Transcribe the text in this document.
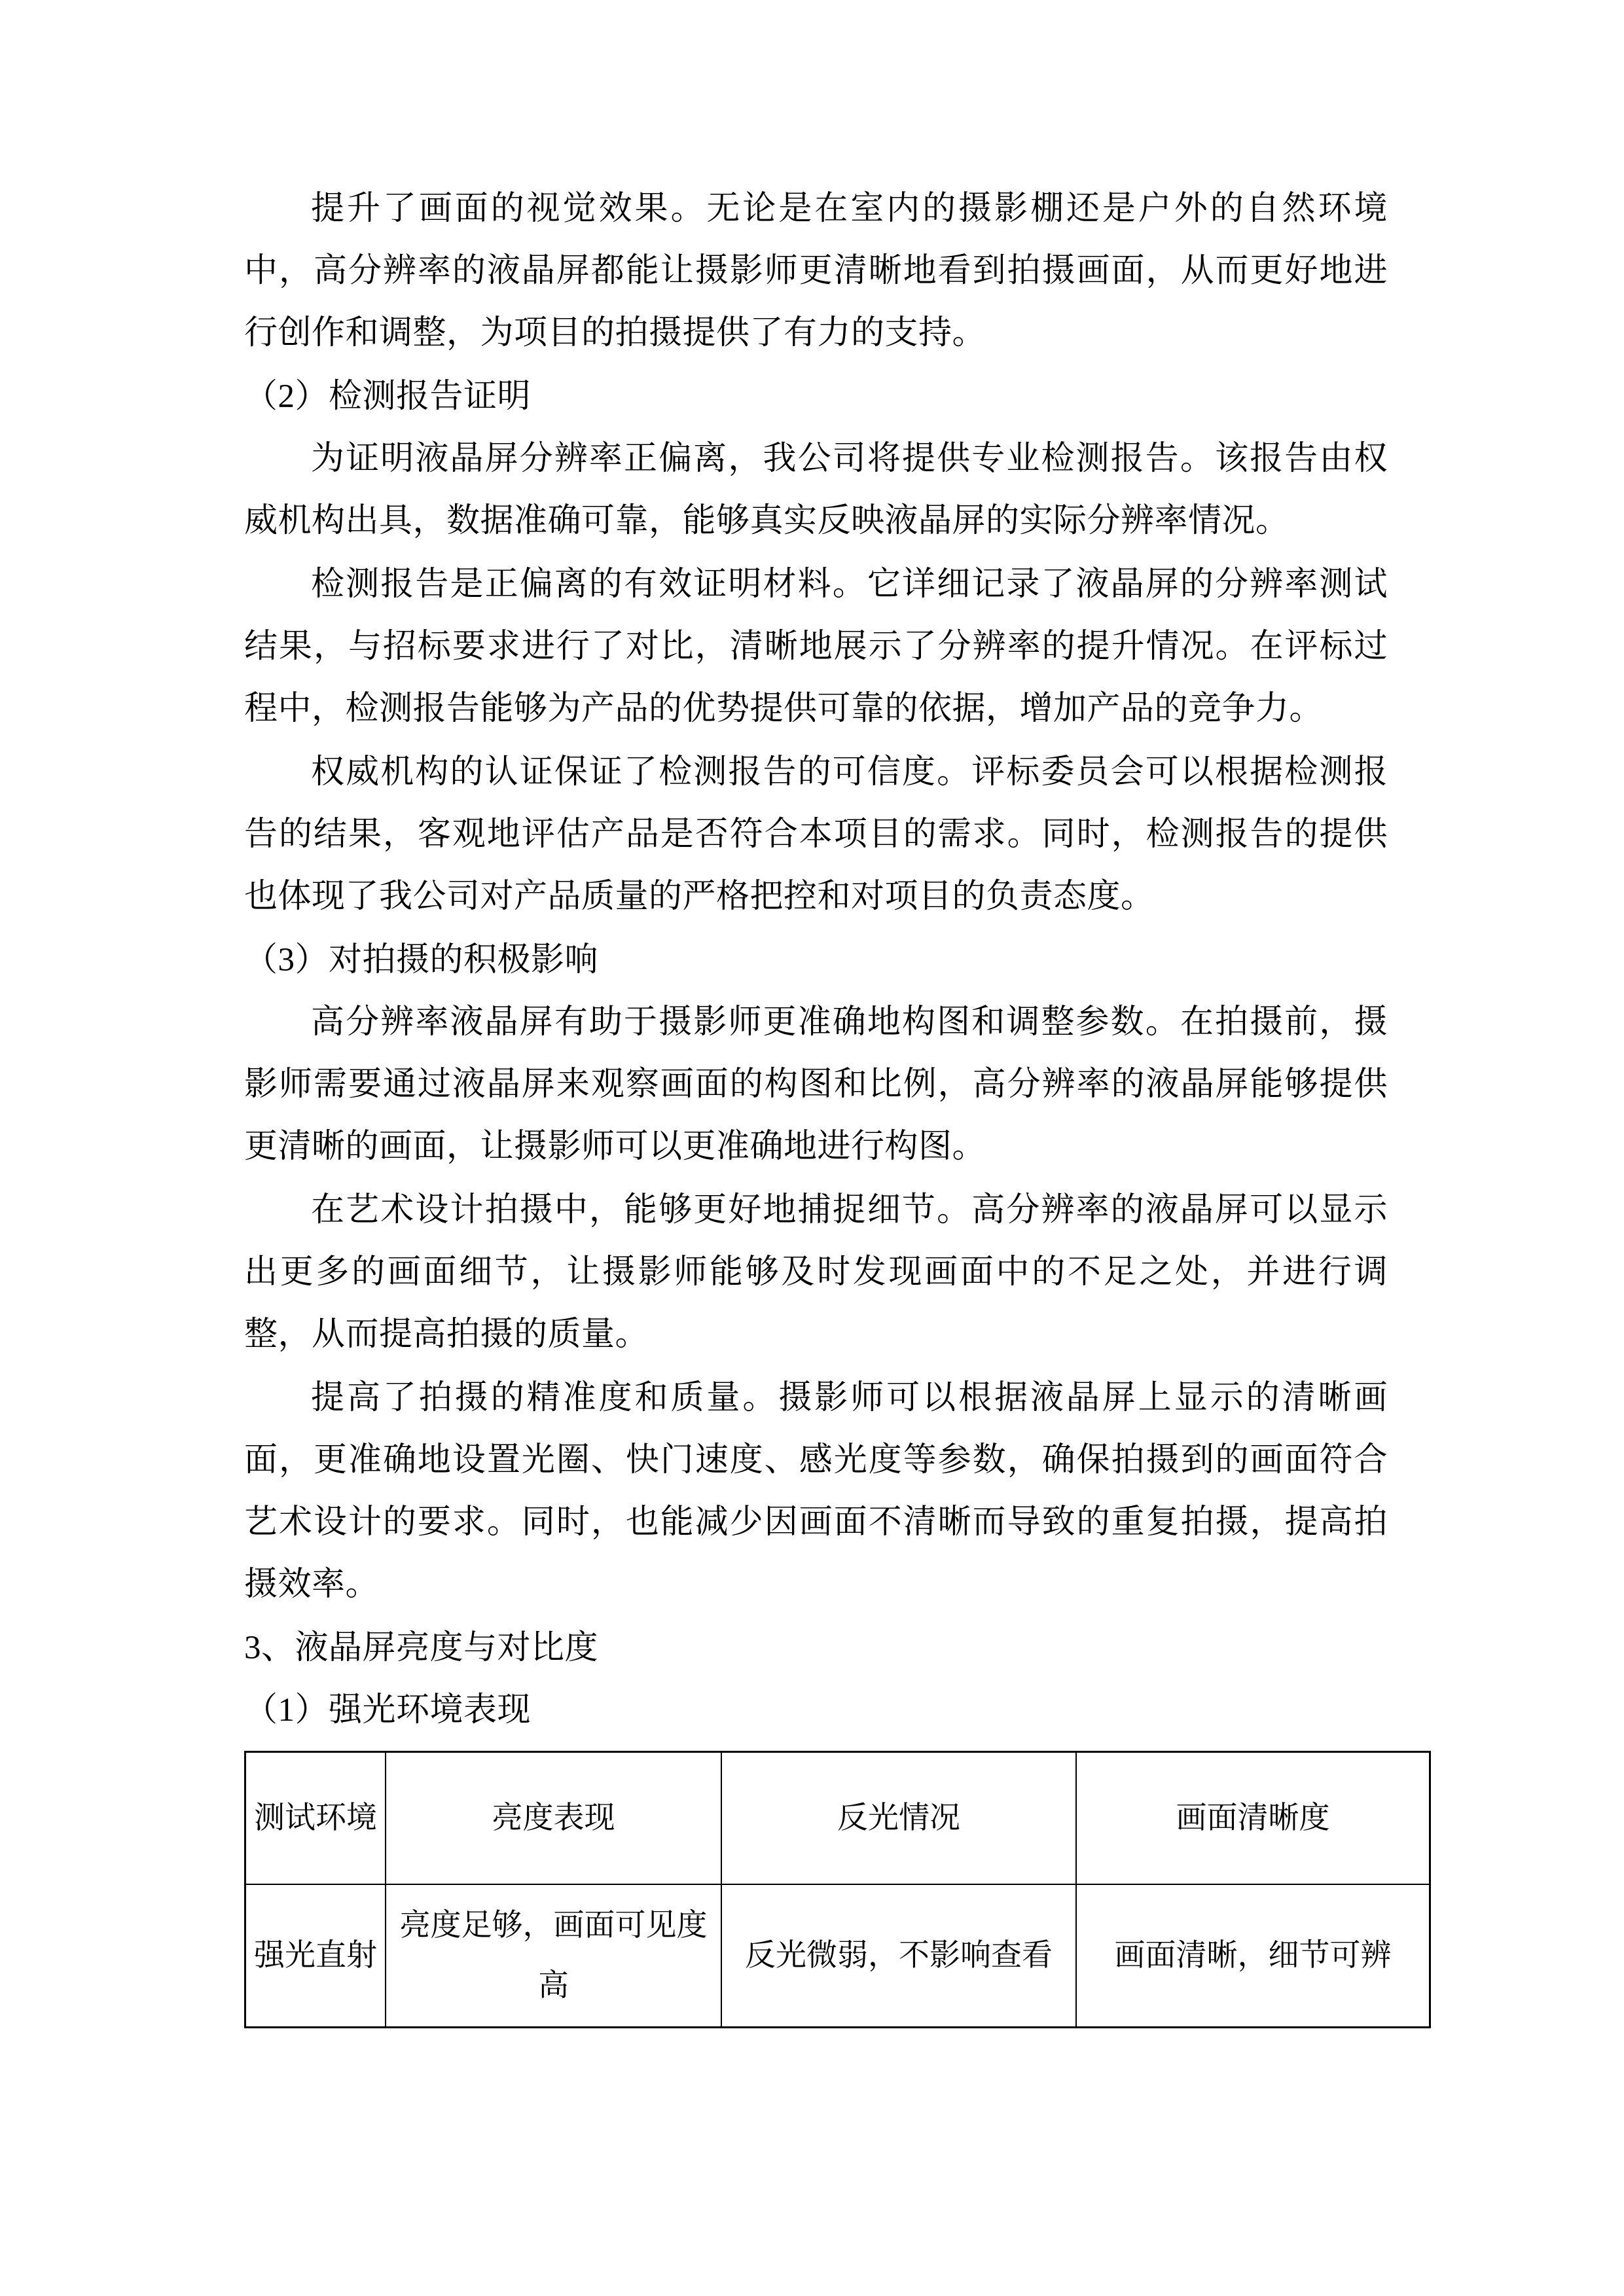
提升了画面的视觉效果。无论是在室内的摄影棚还是户外的自然环境中，高分辨率的液晶屏都能让摄影师更清晰地看到拍摄画面，从而更好地进行创作和调整，为项目的拍摄提供了有力的支持。

（2）检测报告证明

为证明液晶屏分辨率正偏离，我公司将提供专业检测报告。该报告由权威机构出具，数据准确可靠，能够真实反映液晶屏的实际分辨率情况。

检测报告是正偏离的有效证明材料。它详细记录了液晶屏的分辨率测试结果，与招标要求进行了对比，清晰地展示了分辨率的提升情况。在评标过程中，检测报告能够为产品的优势提供可靠的依据，增加产品的竞争力。

权威机构的认证保证了检测报告的可信度。评标委员会可以根据检测报告的结果，客观地评估产品是否符合本项目的需求。同时，检测报告的提供也体现了我公司对产品质量的严格把控和对项目的负责态度。

（3）对拍摄的积极影响

高分辨率液晶屏有助于摄影师更准确地构图和调整参数。在拍摄前，摄影师需要通过液晶屏来观察画面的构图和比例，高分辨率的液晶屏能够提供更清晰的画面，让摄影师可以更准确地进行构图。

在艺术设计拍摄中，能够更好地捕捉细节。高分辨率的液晶屏可以显示出更多的画面细节，让摄影师能够及时发现画面中的不足之处，并进行调整，从而提高拍摄的质量。

提高了拍摄的精准度和质量。摄影师可以根据液晶屏上显示的清晰画面，更准确地设置光圈、快门速度、感光度等参数，确保拍摄到的画面符合艺术设计的要求。同时，也能减少因画面不清晰而导致的重复拍摄，提高拍摄效率。

3、液晶屏亮度与对比度

（1）强光环境表现

测试环境	亮度表现	反光情况	画面清晰度
强光直射	亮度足够，画面可见度高	反光微弱，不影响查看	画面清晰，细节可辨
